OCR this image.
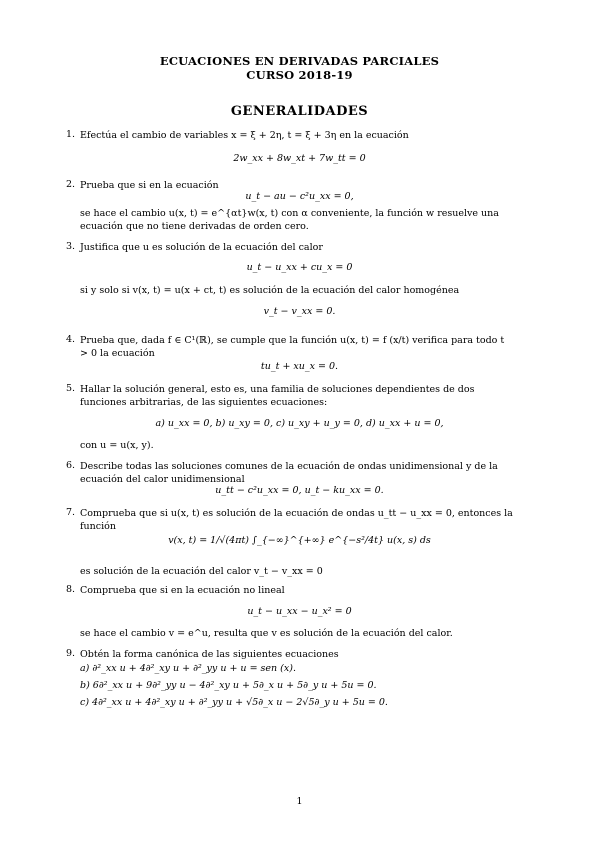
ECUACIONES EN DERIVADAS PARCIALES
CURSO 2018-19
GENERALIDADES
1. Efectúa el cambio de variables x = ξ + 2η, t = ξ + 3η en la ecuación
2w_xx + 8w_xt + 7w_tt = 0
2. Prueba que si en la ecuación
u_t − au − c²u_xx = 0,
se hace el cambio u(x, t) = e^{αt}w(x, t) con α conveniente, la función w resuelve una ecuación que no tiene derivadas de orden cero.
3. Justifica que u es solución de la ecuación del calor
u_t − u_xx + cu_x = 0
si y solo si v(x, t) = u(x + ct, t) es solución de la ecuación del calor homogénea
v_t − v_xx = 0.
4. Prueba que, dada f ∈ C¹(ℝ), se cumple que la función u(x, t) = f (x/t) verifica para todo t > 0 la ecuación
tu_t + xu_x = 0.
5. Hallar la solución general, esto es, una familia de soluciones dependientes de dos funciones arbitrarias, de las siguientes ecuaciones:
a) u_xx = 0, b) u_xy = 0, c) u_xy + u_y = 0, d) u_xx + u = 0,
con u = u(x, y).
6. Describe todas las soluciones comunes de la ecuación de ondas unidimensional y de la ecuación del calor unidimensional
u_tt − c²u_xx = 0, u_t − ku_xx = 0.
7. Comprueba que si u(x, t) es solución de la ecuación de ondas u_tt − u_xx = 0, entonces la función
v(x, t) = 1/√(4πt) ∫_{−∞}^{+∞} e^{−s²/4t} u(x, s) ds
es solución de la ecuación del calor v_t − v_xx = 0
8. Comprueba que si en la ecuación no lineal
u_t − u_xx − u_x² = 0
se hace el cambio v = e^u, resulta que v es solución de la ecuación del calor.
9. Obtén la forma canónica de las siguientes ecuaciones
a) ∂²_xx u + 4∂²_xy u + ∂²_yy u + u = sen (x).
b) 6∂²_xx u + 9∂²_yy u − 4∂²_xy u + 5∂_x u + 5∂_y u + 5u = 0.
c) 4∂²_xx u + 4∂²_xy u + ∂²_yy u + √5∂_x u − 2√5∂_y u + 5u = 0.
1
